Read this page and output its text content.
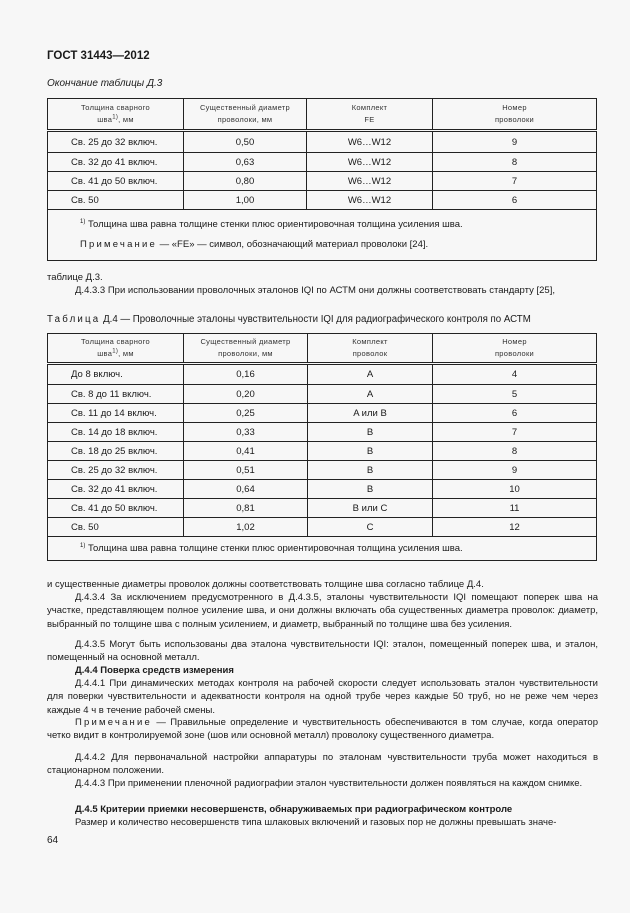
ГОСТ 31443—2012
Окончание таблицы Д.3
Толщина сварного
шва$^{1)}$, мм	Существенный диаметр
проволоки, мм	Комплект
FE	Номер
проволоки
Св. 25 до 32 включ.	0,50	W6…W12	9
Св. 32 до 41 включ.	0,63	W6…W12	8
Св. 41 до 50 включ.	0,80	W6…W12	7
Св. 50	1,00	W6…W12	6

$^{1)}$ Толщина шва равна толщине стенки плюс ориентировочная толщина усиления шва.
Примечание — «FE» — символ, обозначающий материал проволоки [24].			
таблице Д.3.
Д.4.3.3 При использовании проволочных эталонов IQI по АСТМ они должны соответствовать стандарту [25],
Таблица Д.4 — Проволочные эталоны чувствительности IQI для радиографического контроля по АСТМ
Толщина сварного
шва$^{1)}$, мм	Существенный диаметр
проволоки, мм	Комплект
проволок	Номер
проволоки
До 8 включ.	0,16	A	4
Св. 8 до 11 включ.	0,20	A	5
Св. 11 до 14 включ.	0,25	A или B	6
Св. 14 до 18 включ.	0,33	B	7
Св. 18 до 25 включ.	0,41	B	8
Св. 25 до 32 включ.	0,51	B	9
Св. 32 до 41 включ.	0,64	B	10
Св. 41 до 50 включ.	0,81	B или C	11
Св. 50	1,02	C	12
$^{1)}$ Толщина шва равна толщине стенки плюс ориентировочная толщина усиления шва.			
и существенные диаметры проволок должны соответствовать толщине шва согласно таблице Д.4.
Д.4.3.4 За исключением предусмотренного в Д.4.3.5, эталоны чувствительности IQI помещают поперек шва на участке, представляющем полное усиление шва, и они должны включать оба существенных диаметра проволок: диаметр, выбранный по толщине шва с полным усилением, и диаметр, выбранный по толщине шва без усиления.
Д.4.3.5 Могут быть использованы два эталона чувствительности IQI: эталон, помещенный поперек шва, и эталон, помещенный на основной металл.
Д.4.4 Поверка средств измерения
Д.4.4.1 При динамических методах контроля на рабочей скорости следует использовать эталон чувствительности для поверки чувствительности и адекватности контроля на одной трубе через каждые 50 труб, но не реже чем через каждые 4 ч в течение рабочей смены.
Примечание — Правильные определение и чувствительность обеспечиваются в том случае, когда оператор четко видит в контролируемой зоне (шов или основной металл) проволоку существенного диаметра.
Д.4.4.2 Для первоначальной настройки аппаратуры по эталонам чувствительности труба может находиться в стационарном положении.
Д.4.4.3 При применении пленочной радиографии эталон чувствительности должен появляться на каждом снимке.
Д.4.5 Критерии приемки несовершенств, обнаруживаемых при радиографическом контроле
Размер и количество несовершенств типа шлаковых включений и газовых пор не должны превышать значе-
64
